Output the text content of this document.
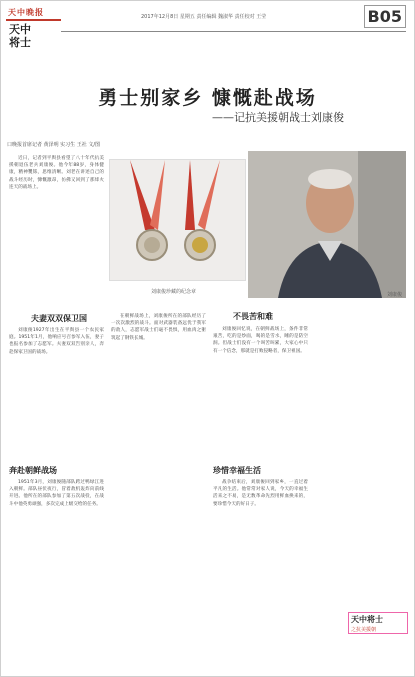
天中晚报
天中
将士
2017年12月8日 星期五 责任编辑 魏淑华 责任校对 王莹	B05
勇士别家乡 慷慨赴战场
——记抗美援朝战士刘康俊
口晚报首席记者 黄泽明 实习生 王社 文/图

近日，记者到平舆县看望了八十年代抗美援朝退伍老兵刘康俊。他今年88岁，身体健康，精神矍铄，思维清晰。刘老在讲述自己的战斗经历时，慷慨激昂，仿佛又回到了那烽火连天的战场上。

刘康俊珍藏的纪念章	刘康俊
夫妻双双保卫国

刘康俊1927年出生在平舆县一个农民家庭。1951年1月，他响应号召参军入伍，妻子也报名参加了志愿军。夫妻双双告别亲人，奔赴保家卫国的战场。

奔赴朝鲜战场

1951年3月，刘康俊随部队跨过鸭绿江进入朝鲜。部队昼伏夜行，冒着敌机轰炸向前线开进。他所在的部队参加了第五次战役，在战斗中他英勇顽强，多次完成上级交给的任务。

在朝鲜战场上，刘康俊所在的部队经历了一次次激烈的战斗。面对武器装备远优于我军的敌人，志愿军战士们毫不畏惧，用血肉之躯筑起了钢铁长城。

不畏苦和难

刘康俊回忆说，在朝鲜战场上，条件非常艰苦，吃的是炒面，喝的是雪水，睡的是防空洞。但战士们没有一个叫苦叫累，大家心中只有一个信念，那就是打败侵略者，保卫祖国。

珍惜幸福生活

战争结束后，刘康俊回到家乡，一直过着平凡的生活。他常常对家人说，今天的幸福生活来之不易，是无数革命先烈用鲜血换来的，要珍惜今天的好日子。

天中将士
之抗美援朝
